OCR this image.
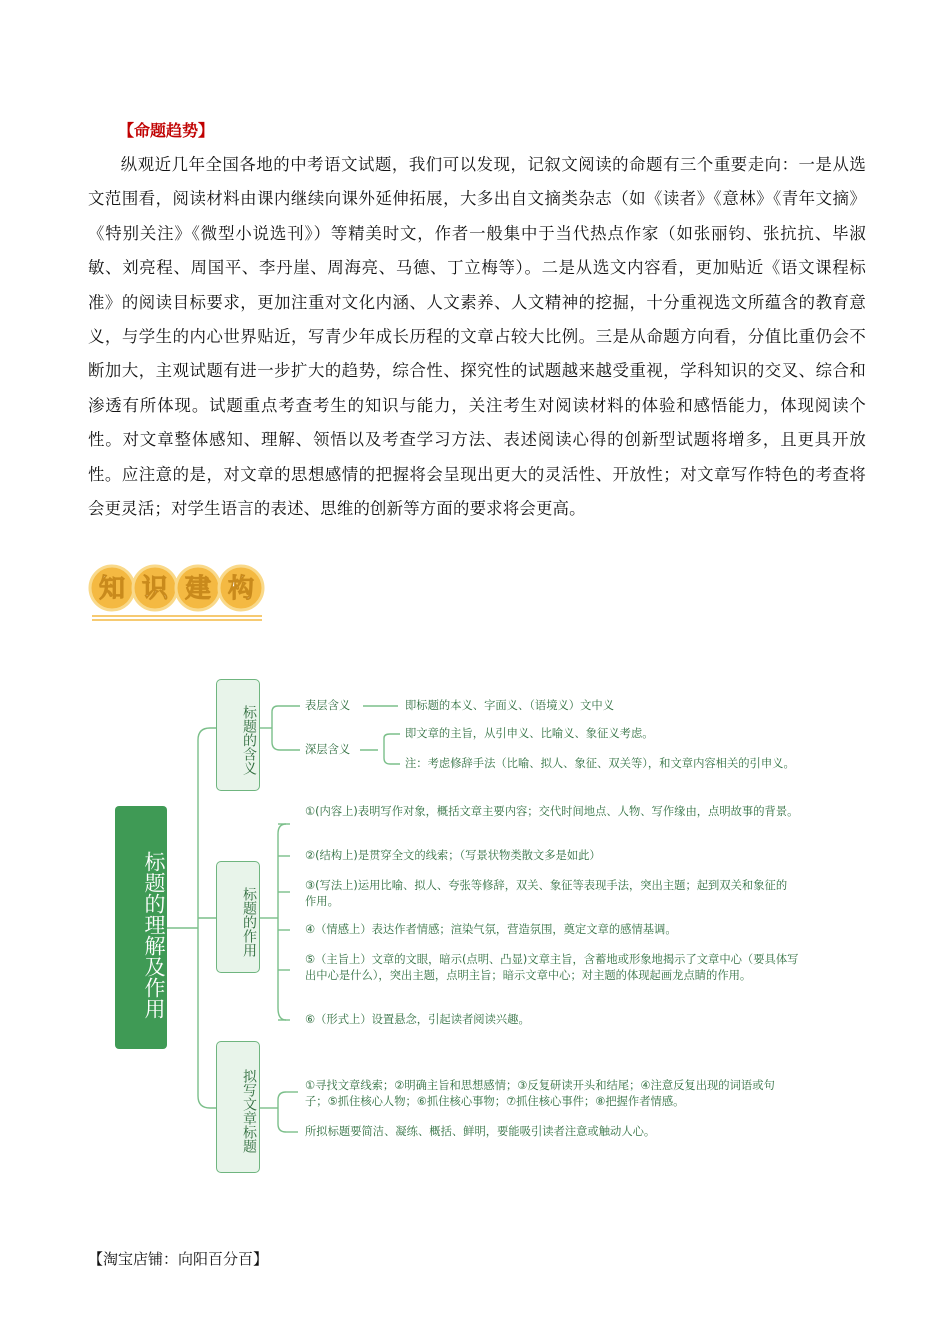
【命题趋势】
纵观近几年全国各地的中考语文试题，我们可以发现，记叙文阅读的命题有三个重要走向：一是从选文范围看，阅读材料由课内继续向课外延伸拓展，大多出自文摘类杂志（如《读者》《意林》《青年文摘》《特别关注》《微型小说选刊》）等精美时文，作者一般集中于当代热点作家（如张丽钧、张抗抗、毕淑敏、刘亮程、周国平、李丹崖、周海亮、马德、丁立梅等）。二是从选文内容看，更加贴近《语文课程标准》的阅读目标要求，更加注重对文化内涵、人文素养、人文精神的挖掘，十分重视选文所蕴含的教育意义，与学生的内心世界贴近，写青少年成长历程的文章占较大比例。三是从命题方向看，分值比重仍会不断加大，主观试题有进一步扩大的趋势，综合性、探究性的试题越来越受重视，学科知识的交叉、综合和渗透有所体现。试题重点考查考生的知识与能力，关注考生对阅读材料的体验和感悟能力，体现阅读个性。对文章整体感知、理解、领悟以及考查学习方法、表述阅读心得的创新型试题将增多，且更具开放性。应注意的是，对文章的思想感情的把握将会呈现出更大的灵活性、开放性；对文章写作特色的考查将会更灵活；对学生语言的表述、思维的创新等方面的要求将会更高。
知 识 建 构
标题的理解及作用
标题的含义
标题的作用
拟写文章标题
表层含义	即标题的本义、字面义、（语境义）文中义
深层含义
即文章的主旨，从引申义、比喻义、象征义考虑。
注：考虑修辞手法（比喻、拟人、象征、双关等），和文章内容相关的引申义。
①(内容上)表明写作对象，概括文章主要内容；交代时间地点、人物、写作缘由，点明故事的背景。
②(结构上)是贯穿全文的线索；（写景状物类散文多是如此）
③(写法上)运用比喻、拟人、夸张等修辞，双关、象征等表现手法，突出主题；起到双关和象征的作用。
④（情感上）表达作者情感；渲染气氛，营造氛围，奠定文章的感情基调。
⑤（主旨上）文章的文眼，暗示(点明、凸显)文章主旨，含蓄地或形象地揭示了文章中心（要具体写出中心是什么），突出主题，点明主旨；暗示文章中心；对主题的体现起画龙点睛的作用。
⑥（形式上）设置悬念，引起读者阅读兴趣。
①寻找文章线索；②明确主旨和思想感情；③反复研读开头和结尾；④注意反复出现的词语或句子；⑤抓住核心人物；⑥抓住核心事物；⑦抓住核心事件；⑧把握作者情感。
所拟标题要简洁、凝练、概括、鲜明，要能吸引读者注意或触动人心。
【淘宝店铺：向阳百分百】
